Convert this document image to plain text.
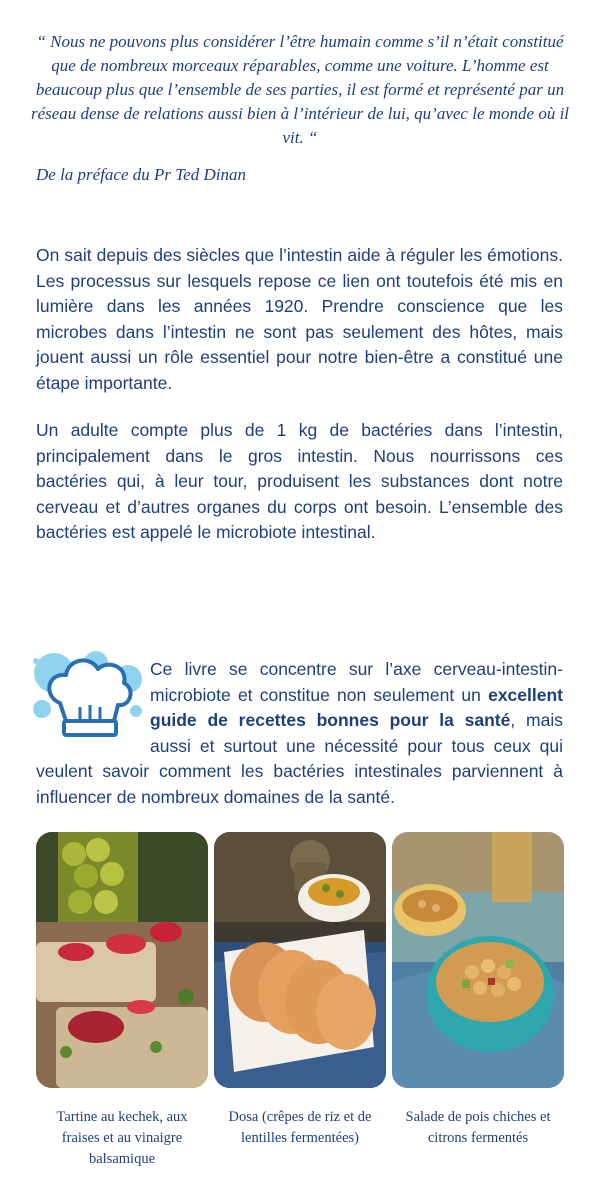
“ Nous ne pouvons plus considérer l’être humain comme s’il n’était constitué que de nombreux morceaux réparables, comme une voiture. L’homme est beaucoup plus que l’ensemble de ses parties, il est formé et représenté par un réseau dense de relations aussi bien à l’intérieur de lui, qu’avec le monde où il vit. “
De la préface du Pr Ted Dinan
On sait depuis des siècles que l’intestin aide à réguler les émotions. Les processus sur lesquels repose ce lien ont toutefois été mis en lumière dans les années 1920. Prendre conscience que les microbes dans l’intestin ne sont pas seulement des hôtes, mais jouent aussi un rôle essentiel pour notre bien-être a constitué une étape importante.
Un adulte compte plus de 1 kg de bactéries dans l’intestin, principalement dans le gros intestin. Nous nourrissons ces bactéries qui, à leur tour, produisent les substances dont notre cerveau et d’autres organes du corps ont besoin. L’ensemble des bactéries est appelé le microbiote intestinal.
Ce livre se concentre sur l’axe cerveau-intestin-microbiote et constitue non seulement un excellent guide de recettes bonnes pour la santé, mais aussi et surtout une nécessité pour tous ceux qui veulent savoir comment les bactéries intestinales parviennent à influencer de nombreux domaines de la santé.
Tartine au kechek, aux fraises et au vinaigre balsamique
Dosa (crêpes de riz et de lentilles fermentées)
Salade de pois chiches et citrons fermentés
